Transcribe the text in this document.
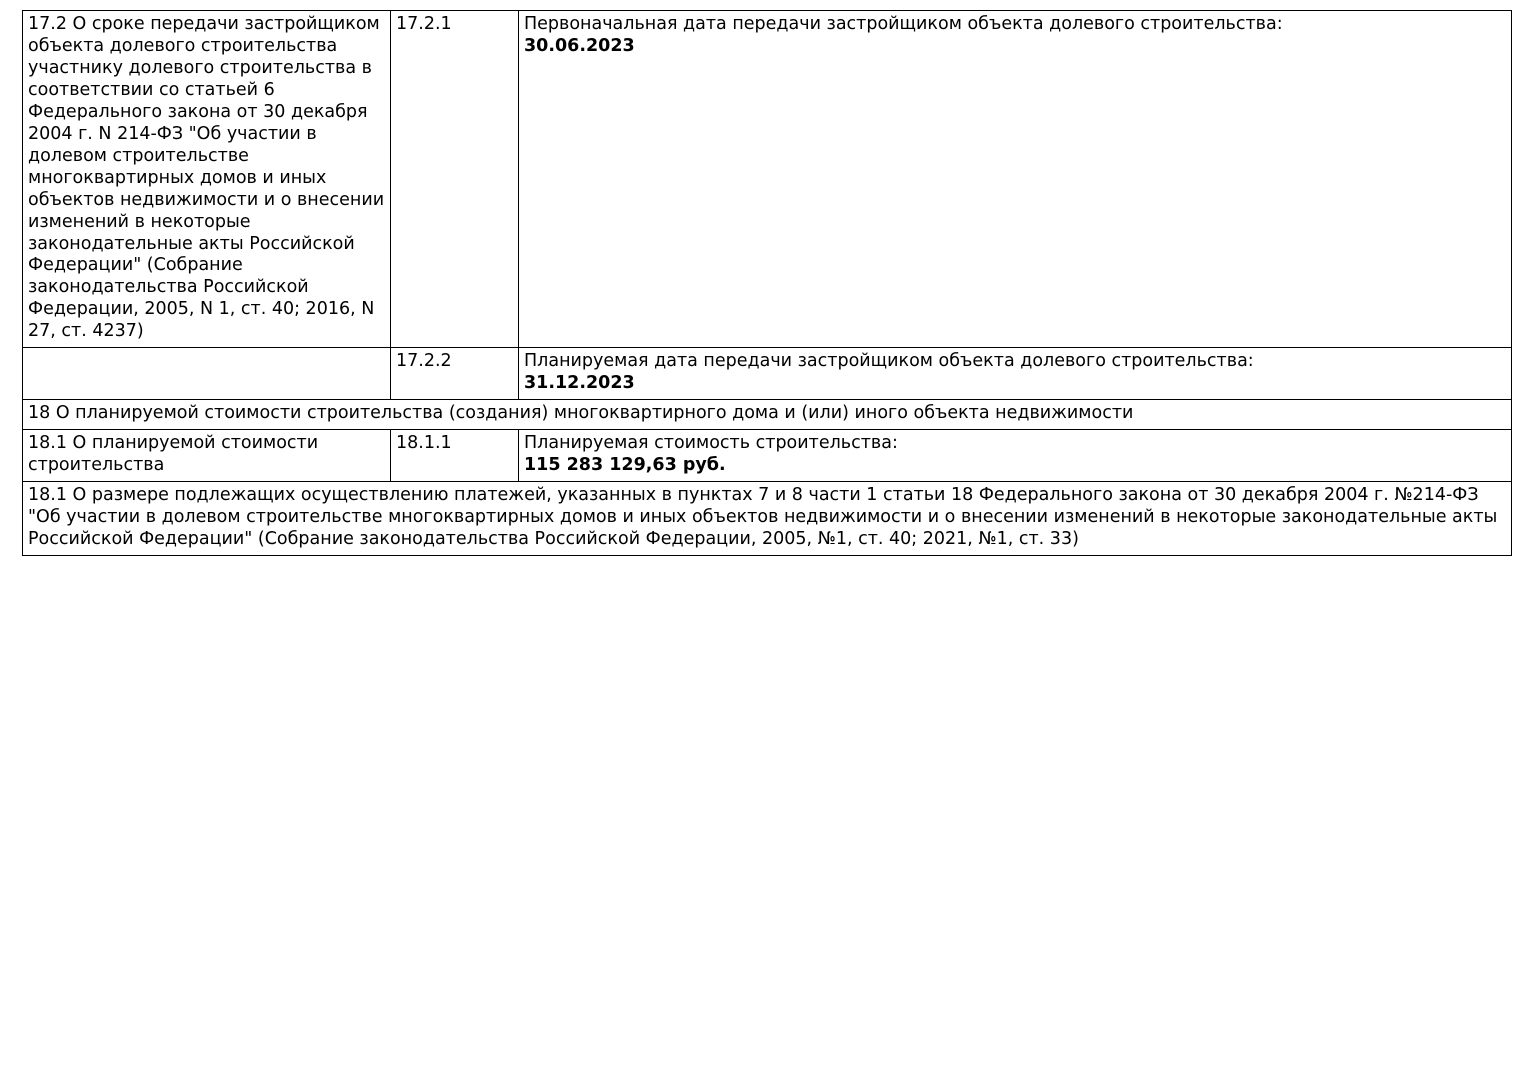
17.2 О сроке передачи застройщиком объекта долевого строительства участнику долевого строительства в соответствии со статьей 6 Федерального закона от 30 декабря 2004 г. N 214-ФЗ "Об участии в долевом строительстве многоквартирных домов и иных объектов недвижимости и о внесении изменений в некоторые законодательные акты Российской Федерации" (Собрание законодательства Российской Федерации, 2005, N 1, ст. 40; 2016, N 27, ст. 4237)	17.2.1	Первоначальная дата передачи застройщиком объекта долевого строительства:
30.06.2023

	17.2.2	Планируемая дата передачи застройщиком объекта долевого строительства:
31.12.2023

18 О планируемой стоимости строительства (создания) многоквартирного дома и (или) иного объекта недвижимости		

18.1 О планируемой стоимости строительства	18.1.1	Планируемая стоимость строительства:
115 283 129,63 руб.

18.1 О размере подлежащих осуществлению платежей, указанных в пунктах 7 и 8 части 1 статьи 18 Федерального закона от 30 декабря 2004 г. №214-ФЗ "Об участии в долевом строительстве многоквартирных домов и иных объектов недвижимости и о внесении изменений в некоторые законодательные акты Российской Федерации" (Собрание законодательства Российской Федерации, 2005, №1, ст. 40; 2021, №1, ст. 33)		
